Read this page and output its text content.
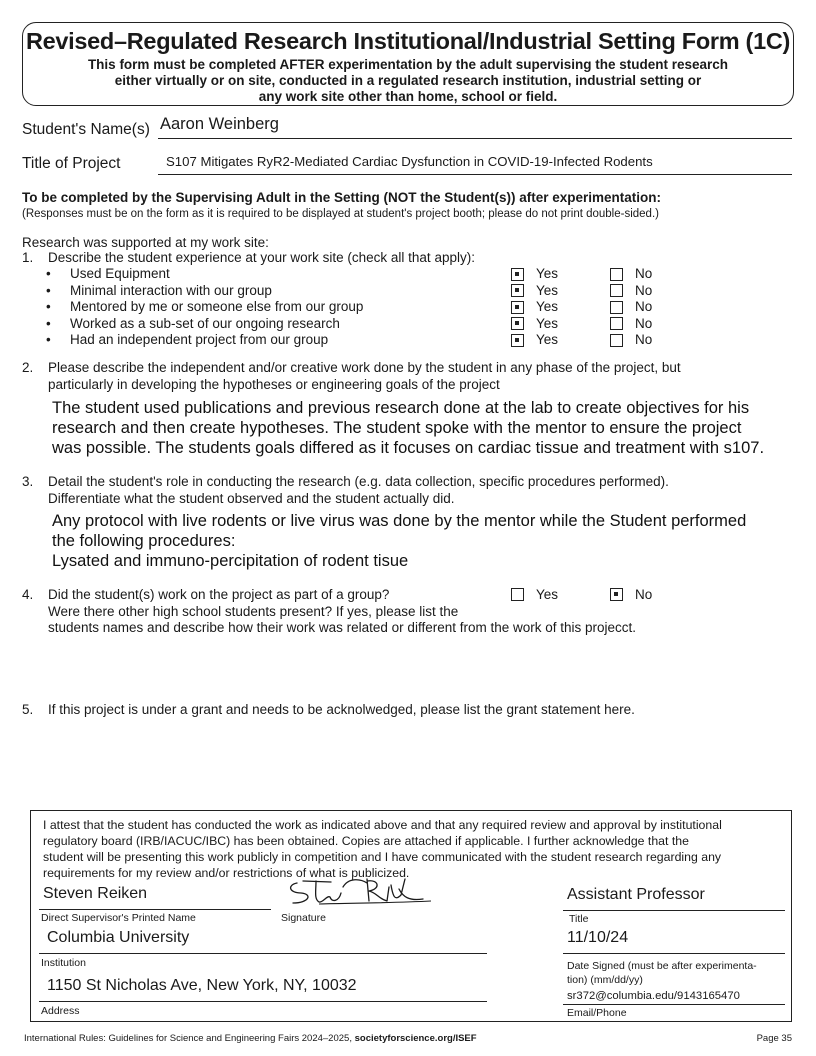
Revised–Regulated Research Institutional/Industrial Setting Form (1C)
This form must be completed AFTER experimentation by the adult supervising the student research
either virtually or on site, conducted in a regulated research institution, industrial setting or
any work site other than home, school or field.
Student's Name(s) Aaron Weinberg
Title of Project	S107 Mitigates RyR2-Mediated Cardiac Dysfunction in COVID-19-Infected Rodents
To be completed by the Supervising Adult in the Setting (NOT the Student(s)) after experimentation:
(Responses must be on the form as it is required to be displayed at student's project booth; please do not print double-sided.)
Research was supported at my work site:
1. Describe the student experience at your work site (check all that apply):
• Used Equipment	Yes	No
• Minimal interaction with our group	Yes	No
• Mentored by me or someone else from our group	Yes	No
• Worked as a sub-set of our ongoing research	Yes	No
• Had an independent project from our group	Yes	No
2. Please describe the independent and/or creative work done by the student in any phase of the project, but
particularly in developing the hypotheses or engineering goals of the project
The student used publications and previous research done at the lab to create objectives for his
research and then create hypotheses. The student spoke with the mentor to ensure the project
was possible. The students goals differed as it focuses on cardiac tissue and treatment with s107.
3. Detail the student's role in conducting the research (e.g. data collection, specific procedures performed).
Differentiate what the student observed and the student actually did.
Any protocol with live rodents or live virus was done by the mentor while the Student performed
the following procedures:
Lysated and immuno-percipitation of rodent tisue
4. Did the student(s) work on the project as part of a group?
Were there other high school students present? If yes, please list the
students names and describe how their work was related or different from the work of this projecct.
Yes	No
5. If this project is under a grant and needs to be acknolwedged, please list the grant statement here.
I attest that the student has conducted the work as indicated above and that any required review and approval by institutional
regulatory board (IRB/IACUC/IBC) has been obtained. Copies are attached if applicable. I further acknowledge that the
student will be presenting this work publicly in competition and I have communicated with the student research regarding any
requirements for my review and/or restrictions of what is publicized.
Steven Reiken
Direct Supervisor's Printed Name	Signature
Assistant Professor
Title
Columbia University
Institution
11/10/24
Date Signed (must be after experimenta-
tion) (mm/dd/yy)
1150 St Nicholas Ave, New York, NY, 10032
Address
sr372@columbia.edu/9143165470
Email/Phone
International Rules: Guidelines for Science and Engineering Fairs 2024–2025, societyforscience.org/ISEF	Page 35
